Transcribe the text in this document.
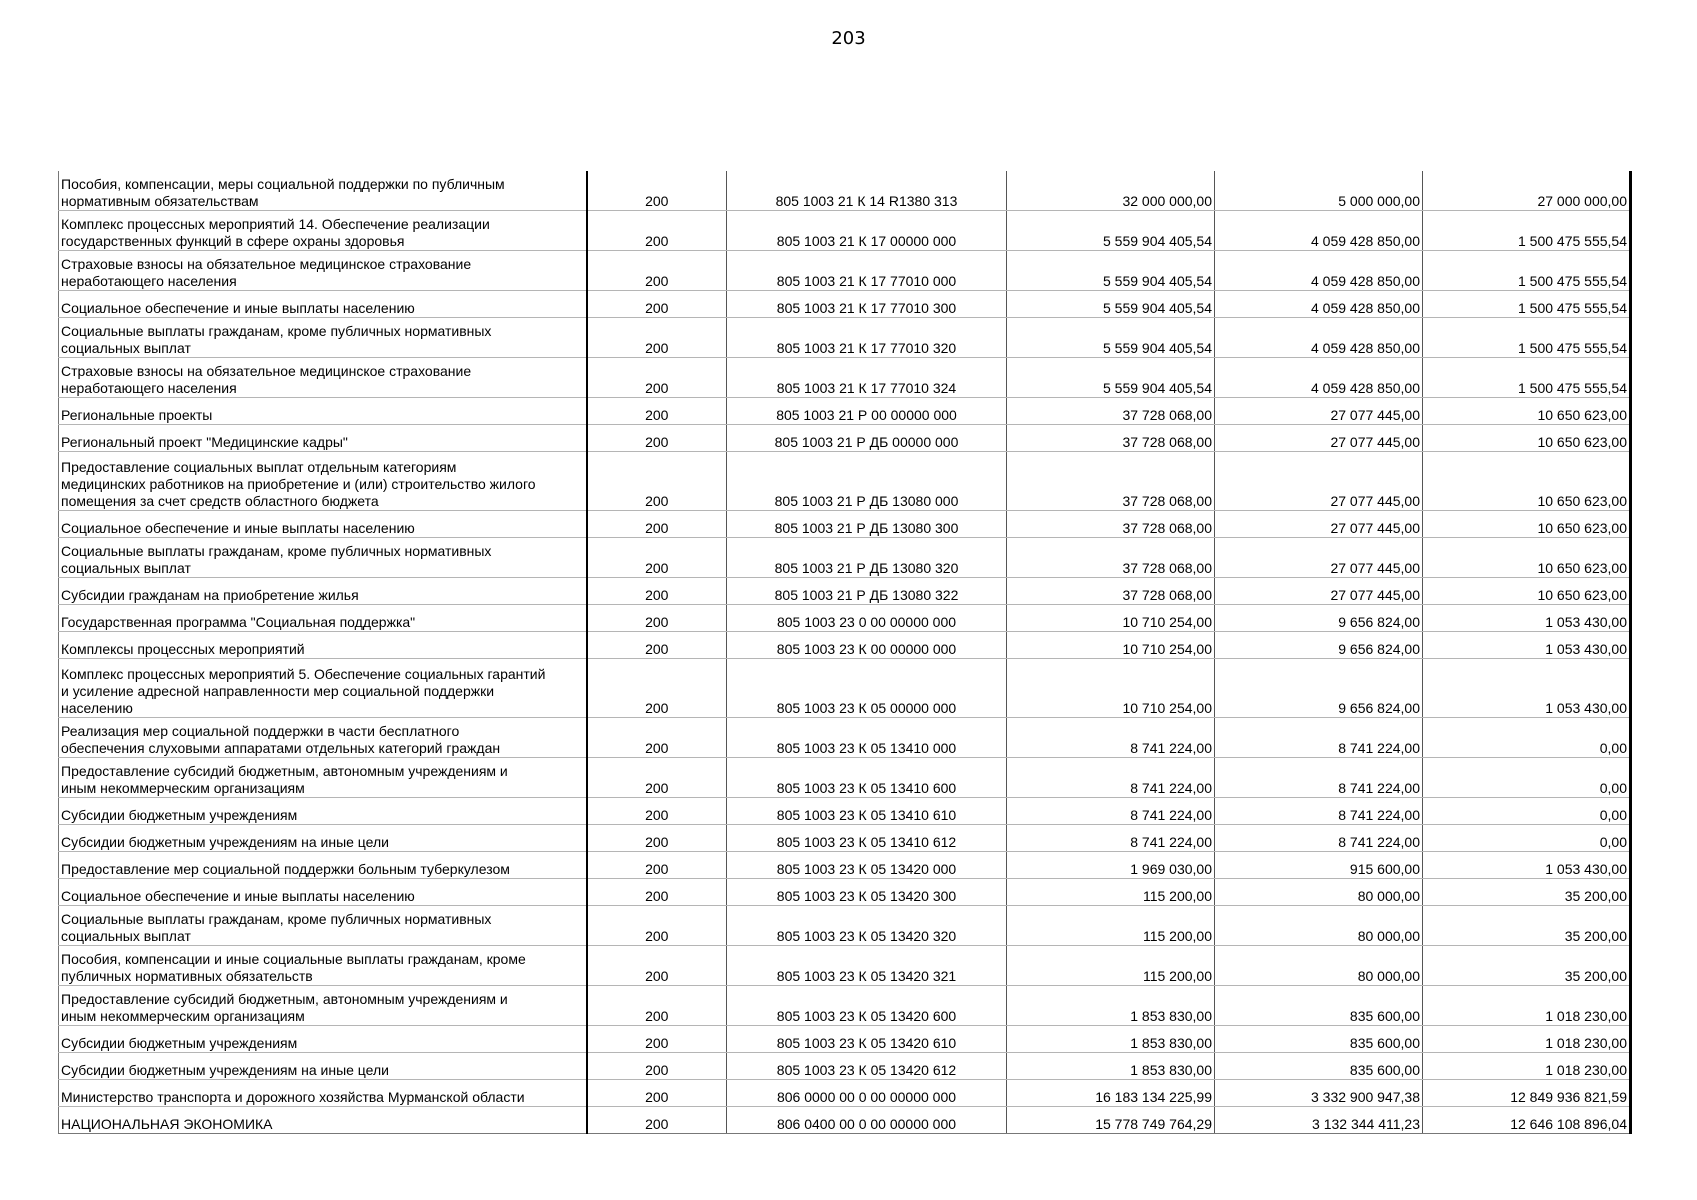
203
Пособия, компенсации, меры социальной поддержки по публичным
нормативным обязательствам	200	805 1003 21 К 14 R1380 313	32 000 000,00	5 000 000,00	27 000 000,00

Комплекс процессных мероприятий 14. Обеспечение реализации
государственных функций в сфере охраны здоровья	200	805 1003 21 К 17 00000 000	5 559 904 405,54	4 059 428 850,00	1 500 475 555,54

Страховые взносы на обязательное медицинское страхование
неработающего населения	200	805 1003 21 К 17 77010 000	5 559 904 405,54	4 059 428 850,00	1 500 475 555,54

Социальное обеспечение и иные выплаты населению	200	805 1003 21 К 17 77010 300	5 559 904 405,54	4 059 428 850,00	1 500 475 555,54

Социальные выплаты гражданам, кроме публичных нормативных
социальных выплат	200	805 1003 21 К 17 77010 320	5 559 904 405,54	4 059 428 850,00	1 500 475 555,54

Страховые взносы на обязательное медицинское страхование
неработающего населения	200	805 1003 21 К 17 77010 324	5 559 904 405,54	4 059 428 850,00	1 500 475 555,54

Региональные проекты	200	805 1003 21 Р 00 00000 000	37 728 068,00	27 077 445,00	10 650 623,00

Региональный проект "Медицинские кадры"	200	805 1003 21 Р ДБ 00000 000	37 728 068,00	27 077 445,00	10 650 623,00

Предоставление социальных выплат отдельным категориям
медицинских работников на приобретение и (или) строительство жилого
помещения за счет средств областного бюджета	200	805 1003 21 Р ДБ 13080 000	37 728 068,00	27 077 445,00	10 650 623,00

Социальное обеспечение и иные выплаты населению	200	805 1003 21 Р ДБ 13080 300	37 728 068,00	27 077 445,00	10 650 623,00

Социальные выплаты гражданам, кроме публичных нормативных
социальных выплат	200	805 1003 21 Р ДБ 13080 320	37 728 068,00	27 077 445,00	10 650 623,00

Субсидии гражданам на приобретение жилья	200	805 1003 21 Р ДБ 13080 322	37 728 068,00	27 077 445,00	10 650 623,00

Государственная программа "Социальная поддержка"	200	805 1003 23 0 00 00000 000	10 710 254,00	9 656 824,00	1 053 430,00

Комплексы процессных мероприятий	200	805 1003 23 К 00 00000 000	10 710 254,00	9 656 824,00	1 053 430,00

Комплекс процессных мероприятий 5. Обеспечение социальных гарантий
и усиление адресной направленности мер социальной поддержки
населению	200	805 1003 23 К 05 00000 000	10 710 254,00	9 656 824,00	1 053 430,00

Реализация мер социальной поддержки в части бесплатного
обеспечения слуховыми аппаратами отдельных категорий граждан	200	805 1003 23 К 05 13410 000	8 741 224,00	8 741 224,00	0,00

Предоставление субсидий бюджетным, автономным учреждениям и
иным некоммерческим организациям	200	805 1003 23 К 05 13410 600	8 741 224,00	8 741 224,00	0,00

Субсидии бюджетным учреждениям	200	805 1003 23 К 05 13410 610	8 741 224,00	8 741 224,00	0,00

Субсидии бюджетным учреждениям на иные цели	200	805 1003 23 К 05 13410 612	8 741 224,00	8 741 224,00	0,00

Предоставление мер социальной поддержки больным туберкулезом	200	805 1003 23 К 05 13420 000	1 969 030,00	915 600,00	1 053 430,00

Социальное обеспечение и иные выплаты населению	200	805 1003 23 К 05 13420 300	115 200,00	80 000,00	35 200,00

Социальные выплаты гражданам, кроме публичных нормативных
социальных выплат	200	805 1003 23 К 05 13420 320	115 200,00	80 000,00	35 200,00

Пособия, компенсации и иные социальные выплаты гражданам, кроме
публичных нормативных обязательств	200	805 1003 23 К 05 13420 321	115 200,00	80 000,00	35 200,00

Предоставление субсидий бюджетным, автономным учреждениям и
иным некоммерческим организациям	200	805 1003 23 К 05 13420 600	1 853 830,00	835 600,00	1 018 230,00

Субсидии бюджетным учреждениям	200	805 1003 23 К 05 13420 610	1 853 830,00	835 600,00	1 018 230,00

Субсидии бюджетным учреждениям на иные цели	200	805 1003 23 К 05 13420 612	1 853 830,00	835 600,00	1 018 230,00

Министерство транспорта и дорожного хозяйства Мурманской области	200	806 0000 00 0 00 00000 000	16 183 134 225,99	3 332 900 947,38	12 849 936 821,59

НАЦИОНАЛЬНАЯ ЭКОНОМИКА	200	806 0400 00 0 00 00000 000	15 778 749 764,29	3 132 344 411,23	12 646 108 896,04
